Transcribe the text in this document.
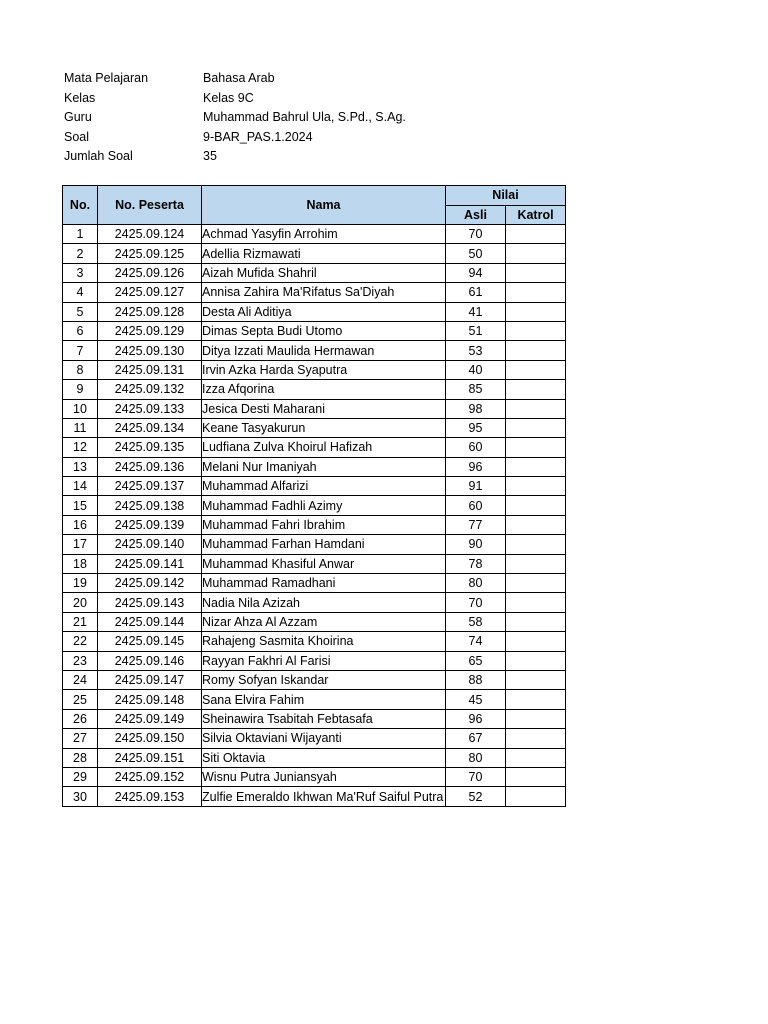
Mata Pelajaran	Bahasa Arab
Kelas	Kelas 9C
Guru	Muhammad Bahrul Ula, S.Pd., S.Ag.
Soal	9-BAR_PAS.1.2024
Jumlah Soal	35
No.	No. Peserta	Nama	Nilai	
			Asli	Katrol
1	2425.09.124	Achmad Yasyfin Arrohim	70	
2	2425.09.125	Adellia Rizmawati	50	
3	2425.09.126	Aizah Mufida Shahril	94	
4	2425.09.127	Annisa Zahira Ma'Rifatus Sa'Diyah	61	
5	2425.09.128	Desta Ali Aditiya	41	
6	2425.09.129	Dimas Septa Budi Utomo	51	
7	2425.09.130	Ditya Izzati Maulida Hermawan	53	
8	2425.09.131	Irvin Azka Harda Syaputra	40	
9	2425.09.132	Izza Afqorina	85	
10	2425.09.133	Jesica Desti Maharani	98	
11	2425.09.134	Keane Tasyakurun	95	
12	2425.09.135	Ludfiana Zulva Khoirul Hafizah	60	
13	2425.09.136	Melani Nur Imaniyah	96	
14	2425.09.137	Muhammad Alfarizi	91	
15	2425.09.138	Muhammad Fadhli Azimy	60	
16	2425.09.139	Muhammad Fahri Ibrahim	77	
17	2425.09.140	Muhammad Farhan Hamdani	90	
18	2425.09.141	Muhammad Khasiful Anwar	78	
19	2425.09.142	Muhammad Ramadhani	80	
20	2425.09.143	Nadia Nila Azizah	70	
21	2425.09.144	Nizar Ahza Al Azzam	58	
22	2425.09.145	Rahajeng Sasmita Khoirina	74	
23	2425.09.146	Rayyan Fakhri Al Farisi	65	
24	2425.09.147	Romy Sofyan Iskandar	88	
25	2425.09.148	Sana Elvira Fahim	45	
26	2425.09.149	Sheinawira Tsabitah Febtasafa	96	
27	2425.09.150	Silvia Oktaviani Wijayanti	67	
28	2425.09.151	Siti Oktavia	80	
29	2425.09.152	Wisnu Putra Juniansyah	70	
30	2425.09.153	Zulfie Emeraldo Ikhwan Ma'Ruf Saiful Putra	52	
